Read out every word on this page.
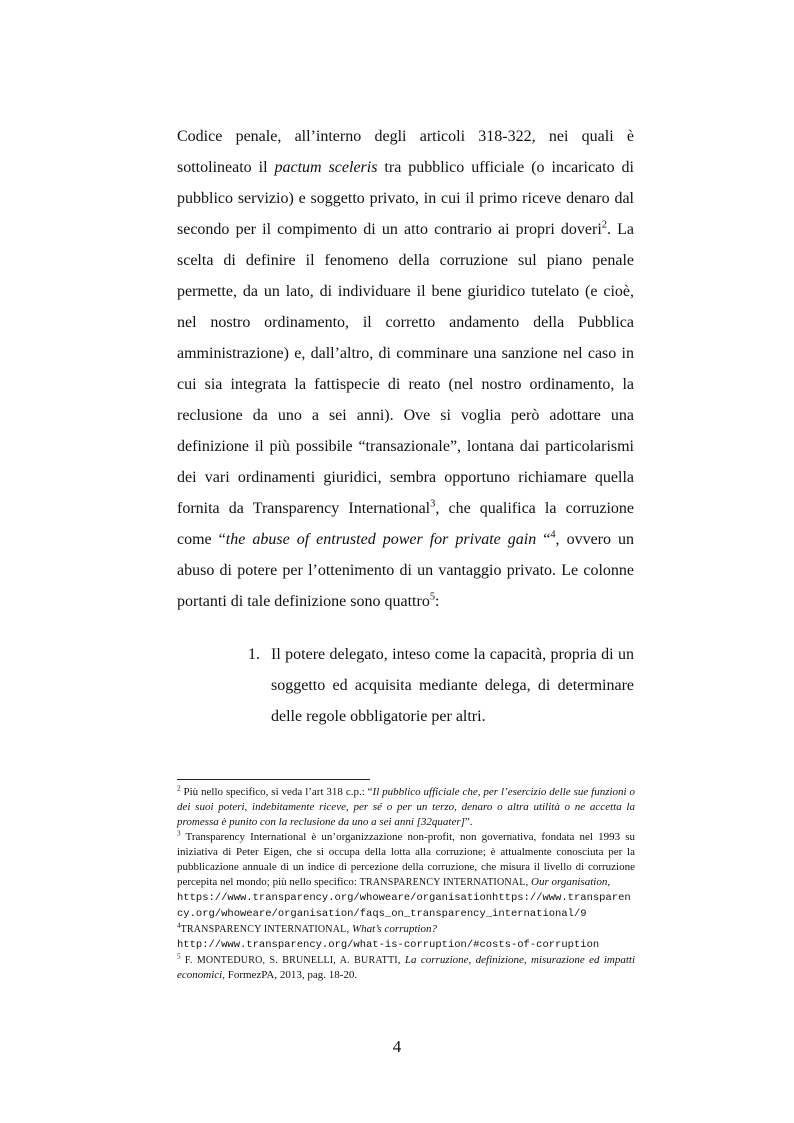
Codice penale, all’interno degli articoli 318-322, nei quali è sottolineato il pactum sceleris tra pubblico ufficiale (o incaricato di pubblico servizio) e soggetto privato, in cui il primo riceve denaro dal secondo per il compimento di un atto contrario ai propri doveri$^2$. La scelta di definire il fenomeno della corruzione sul piano penale permette, da un lato, di individuare il bene giuridico tutelato (e cioè, nel nostro ordinamento, il corretto andamento della Pubblica amministrazione) e, dall’altro, di comminare una sanzione nel caso in cui sia integrata la fattispecie di reato (nel nostro ordinamento, la reclusione da uno a sei anni). Ove si voglia però adottare una definizione il più possibile “transazionale”, lontana dai particolarismi dei vari ordinamenti giuridici, sembra opportuno richiamare quella fornita da Transparency International$^3$, che qualifica la corruzione come “the abuse of entrusted power for private gain “$^4$, ovvero un abuso di potere per l’ottenimento di un vantaggio privato. Le colonne portanti di tale definizione sono quattro$^5$:

1. Il potere delegato, inteso come la capacità, propria di un soggetto ed acquisita mediante delega, di determinare delle regole obbligatorie per altri.

$^2$ Più nello specifico, si veda l’art 318 c.p.: “Il pubblico ufficiale che, per l’esercizio delle sue funzioni o dei suoi poteri, indebitamente riceve, per sé o per un terzo, denaro o altra utilità o ne accetta la promessa è punito con la reclusione da uno a sei anni [32quater]”.

$^3$ Transparency International è un’organizzazione non-profit, non governativa, fondata nel 1993 su iniziativa di Peter Eigen, che si occupa della lotta alla corruzione; è attualmente conosciuta per la pubblicazione annuale di un indice di percezione della corruzione, che misura il livello di corruzione percepita nel mondo; più nello specifico: TRANSPARENCY INTERNATIONAL, Our organisation,
https://www.transparency.org/whoweare/organisationhttps://www.transparency.org/whoweare/organisation/faqs_on_transparency_international/9

$^4$TRANSPARENCY INTERNATIONAL, What’s corruption?
http://www.transparency.org/what-is-corruption/#costs-of-corruption

$^5$ F. MONTEDURO, S. BRUNELLI, A. BURATTI, La corruzione, definizione, misurazione ed impatti economici, FormezPA, 2013, pag. 18-20.

4
